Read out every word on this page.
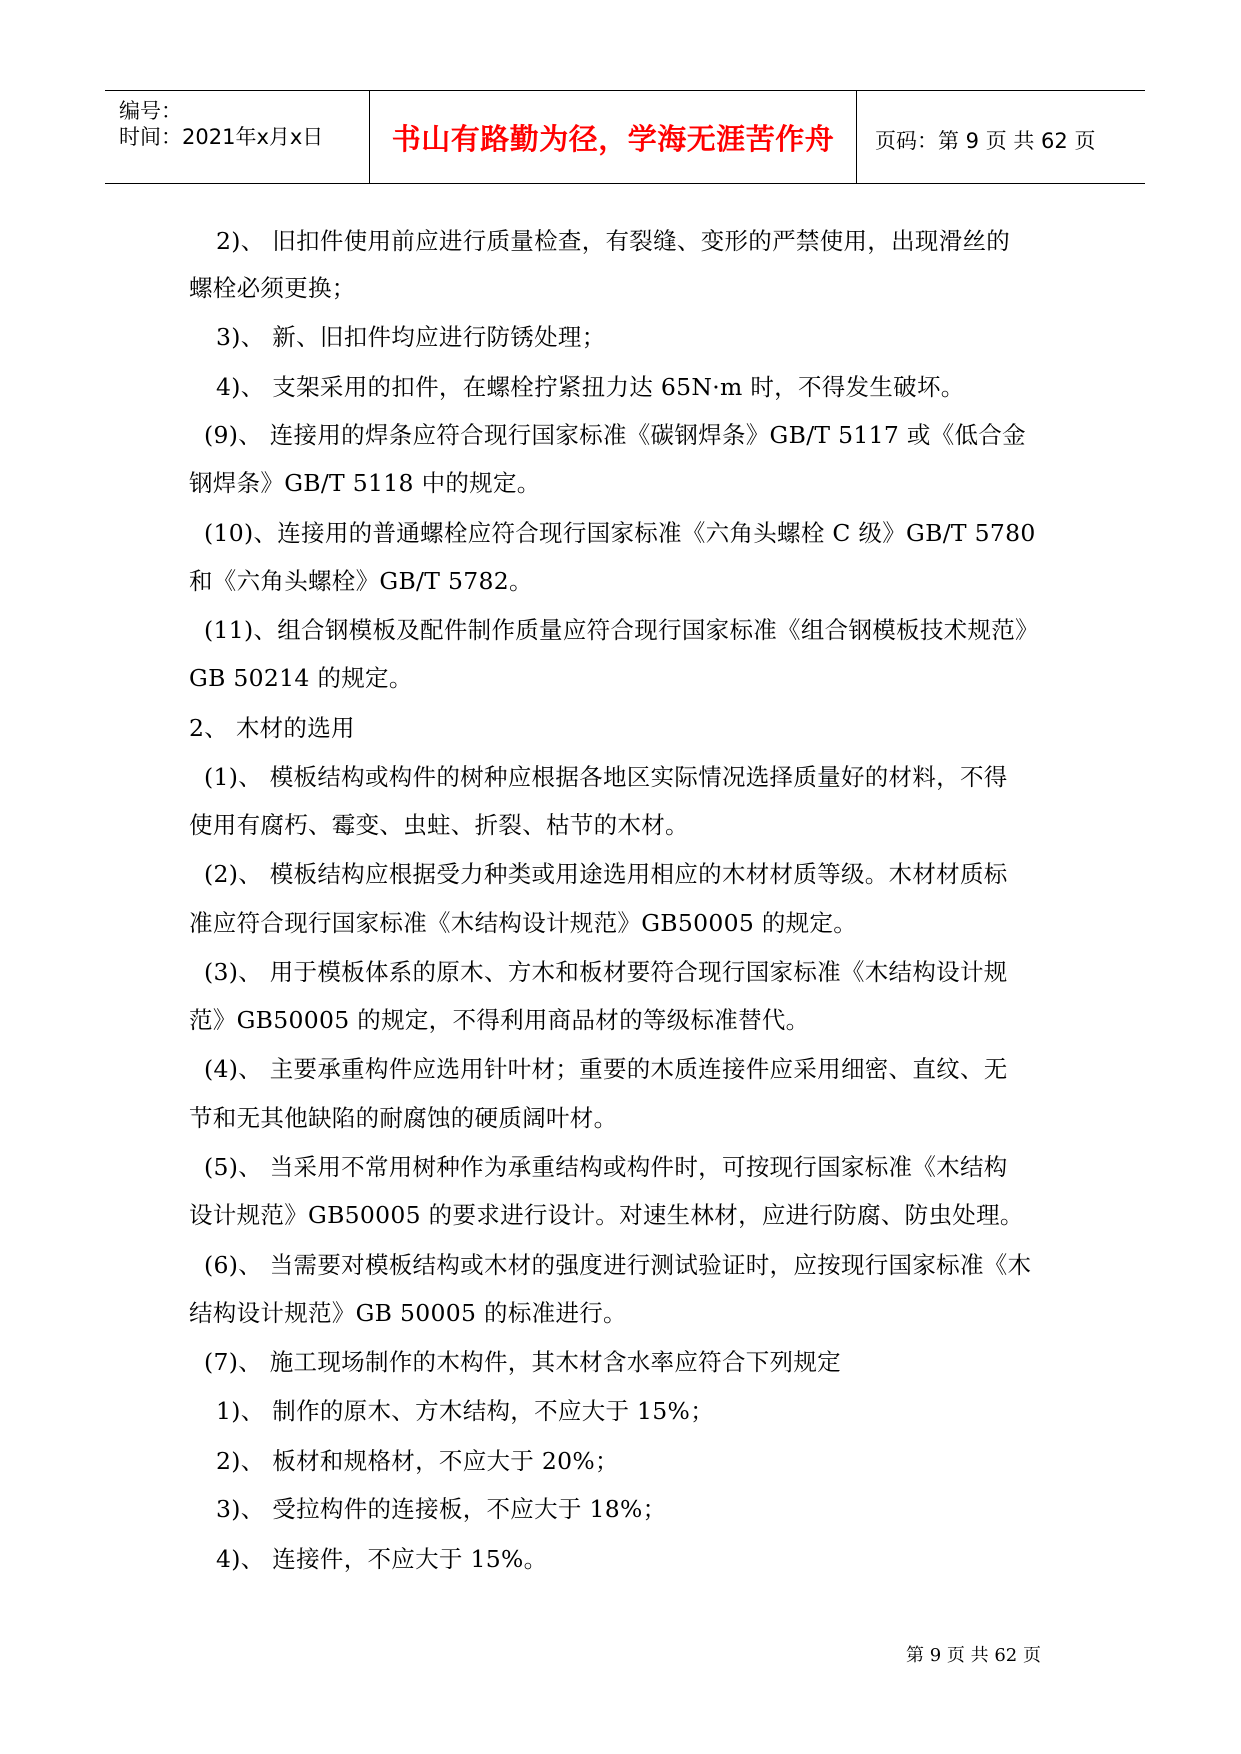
编号：
时间：2021年x月x日	书山有路勤为径，学海无涯苦作舟	页码：第 9 页 共 62 页
2)、 旧扣件使用前应进行质量检查，有裂缝、变形的严禁使用，出现滑丝的
螺栓必须更换；
3)、 新、旧扣件均应进行防锈处理；
4)、 支架采用的扣件，在螺栓拧紧扭力达 65N·m 时，不得发生破坏。
(9)、 连接用的焊条应符合现行国家标准《碳钢焊条》GB/T 5117 或《低合金
钢焊条》GB/T 5118 中的规定。
(10)、连接用的普通螺栓应符合现行国家标准《六角头螺栓 C 级》GB/T 5780
和《六角头螺栓》GB/T 5782。
(11)、组合钢模板及配件制作质量应符合现行国家标准《组合钢模板技术规范》
GB 50214 的规定。
2、 木材的选用
(1)、 模板结构或构件的树种应根据各地区实际情况选择质量好的材料，不得
使用有腐朽、霉变、虫蛀、折裂、枯节的木材。
(2)、 模板结构应根据受力种类或用途选用相应的木材材质等级。木材材质标
准应符合现行国家标准《木结构设计规范》GB50005 的规定。
(3)、 用于模板体系的原木、方木和板材要符合现行国家标准《木结构设计规
范》GB50005 的规定，不得利用商品材的等级标准替代。
(4)、 主要承重构件应选用针叶材；重要的木质连接件应采用细密、直纹、无
节和无其他缺陷的耐腐蚀的硬质阔叶材。
(5)、 当采用不常用树种作为承重结构或构件时，可按现行国家标准《木结构
设计规范》GB50005 的要求进行设计。对速生林材，应进行防腐、防虫处理。
(6)、 当需要对模板结构或木材的强度进行测试验证时，应按现行国家标准《木
结构设计规范》GB 50005 的标准进行。
(7)、 施工现场制作的木构件，其木材含水率应符合下列规定
1)、 制作的原木、方木结构，不应大于 15%；
2)、 板材和规格材，不应大于 20%；
3)、 受拉构件的连接板，不应大于 18%；
4)、 连接件，不应大于 15%。
第 9 页 共 62 页
